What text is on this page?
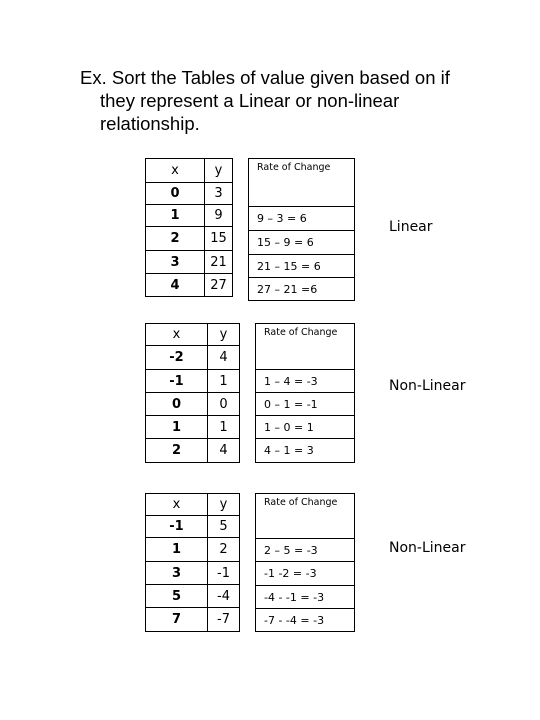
Ex. Sort the Tables of value given based on if
they represent a Linear or non-linear
relationship.
x	y
0	3
1	9
2	15
3	21
4	27
Rate of Change
9 – 3 = 6
15 – 9 = 6
21 – 15 = 6
27 – 21 =6
Linear
x	y
-2	4
-1	1
0	0
1	1
2	4
Rate of Change
1 – 4 = -3
0 – 1 = -1
1 – 0 = 1
4 – 1 = 3
Non-Linear
x	y
-1	5
1	2
3	-1
5	-4
7	-7
Rate of Change
2 – 5 = -3
-1 -2 = -3
-4 - -1 = -3
-7 - -4 = -3
Non-Linear
